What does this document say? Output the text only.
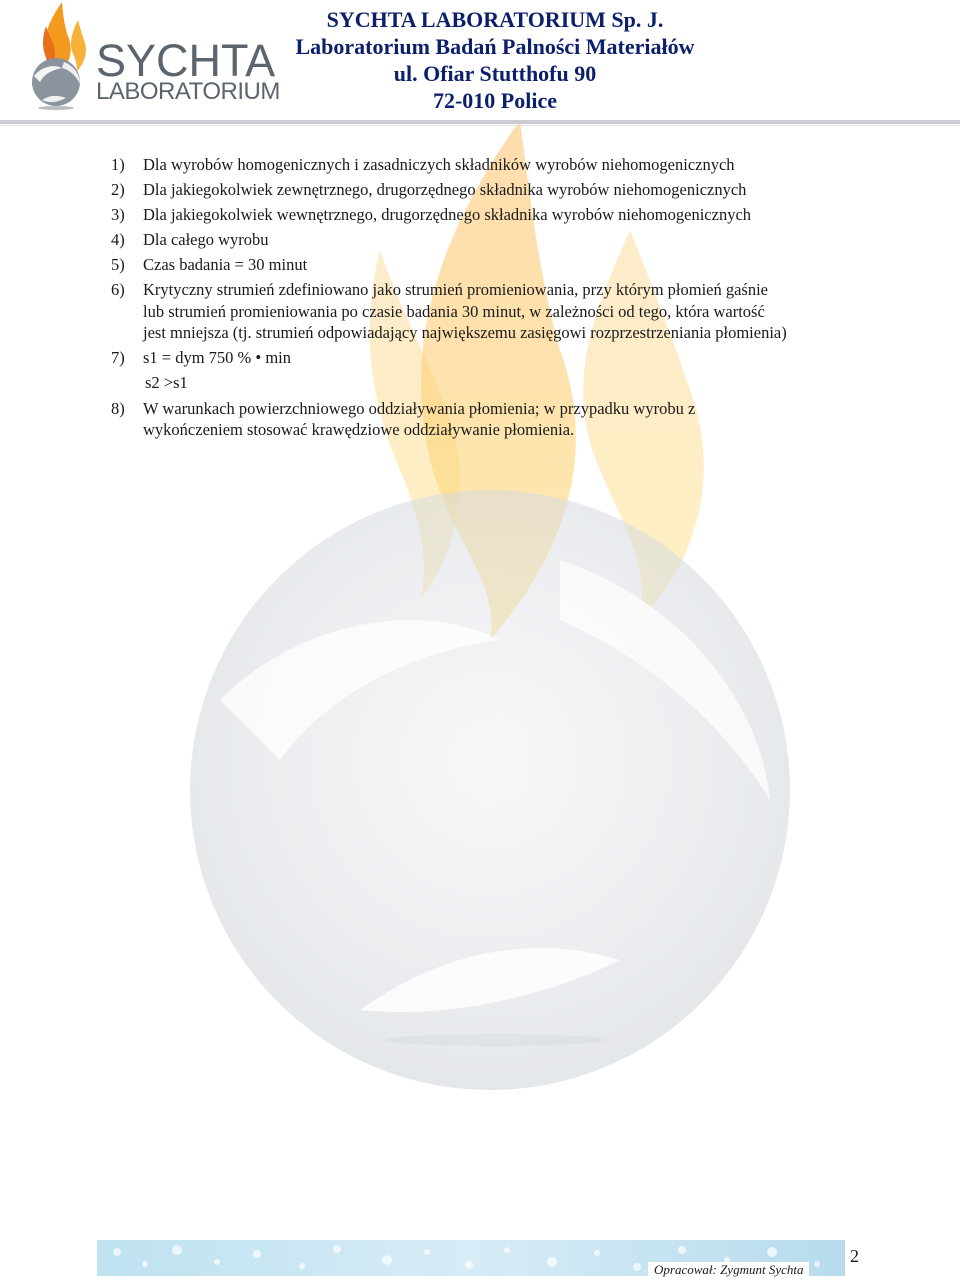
SYCHTA
LABORATORIUM
SYCHTA LABORATORIUM Sp. J.
Laboratorium Badań Palności Materiałów
ul. Ofiar Stutthofu 90
72-010 Police
1)	Dla wyrobów homogenicznych i zasadniczych składników wyrobów niehomogenicznych
2)	Dla jakiegokolwiek zewnętrznego, drugorzędnego składnika wyrobów niehomogenicznych
3)	Dla jakiegokolwiek wewnętrznego, drugorzędnego składnika wyrobów niehomogenicznych
4)	Dla całego wyrobu
5)	Czas badania = 30 minut
6)	Krytyczny strumień zdefiniowano jako strumień promieniowania, przy którym płomień gaśnie lub strumień promieniowania po czasie badania 30 minut, w zależności od tego, która wartość jest mniejsza (tj. strumień odpowiadający największemu zasięgowi rozprzestrzeniania płomienia)
7)	s1 = dym 750 % • min
s2 >s1
8)	W warunkach powierzchniowego oddziaływania płomienia; w przypadku wyrobu z wykończeniem stosować krawędziowe oddziaływanie płomienia.
Opracował: Zygmunt Sychta
2
